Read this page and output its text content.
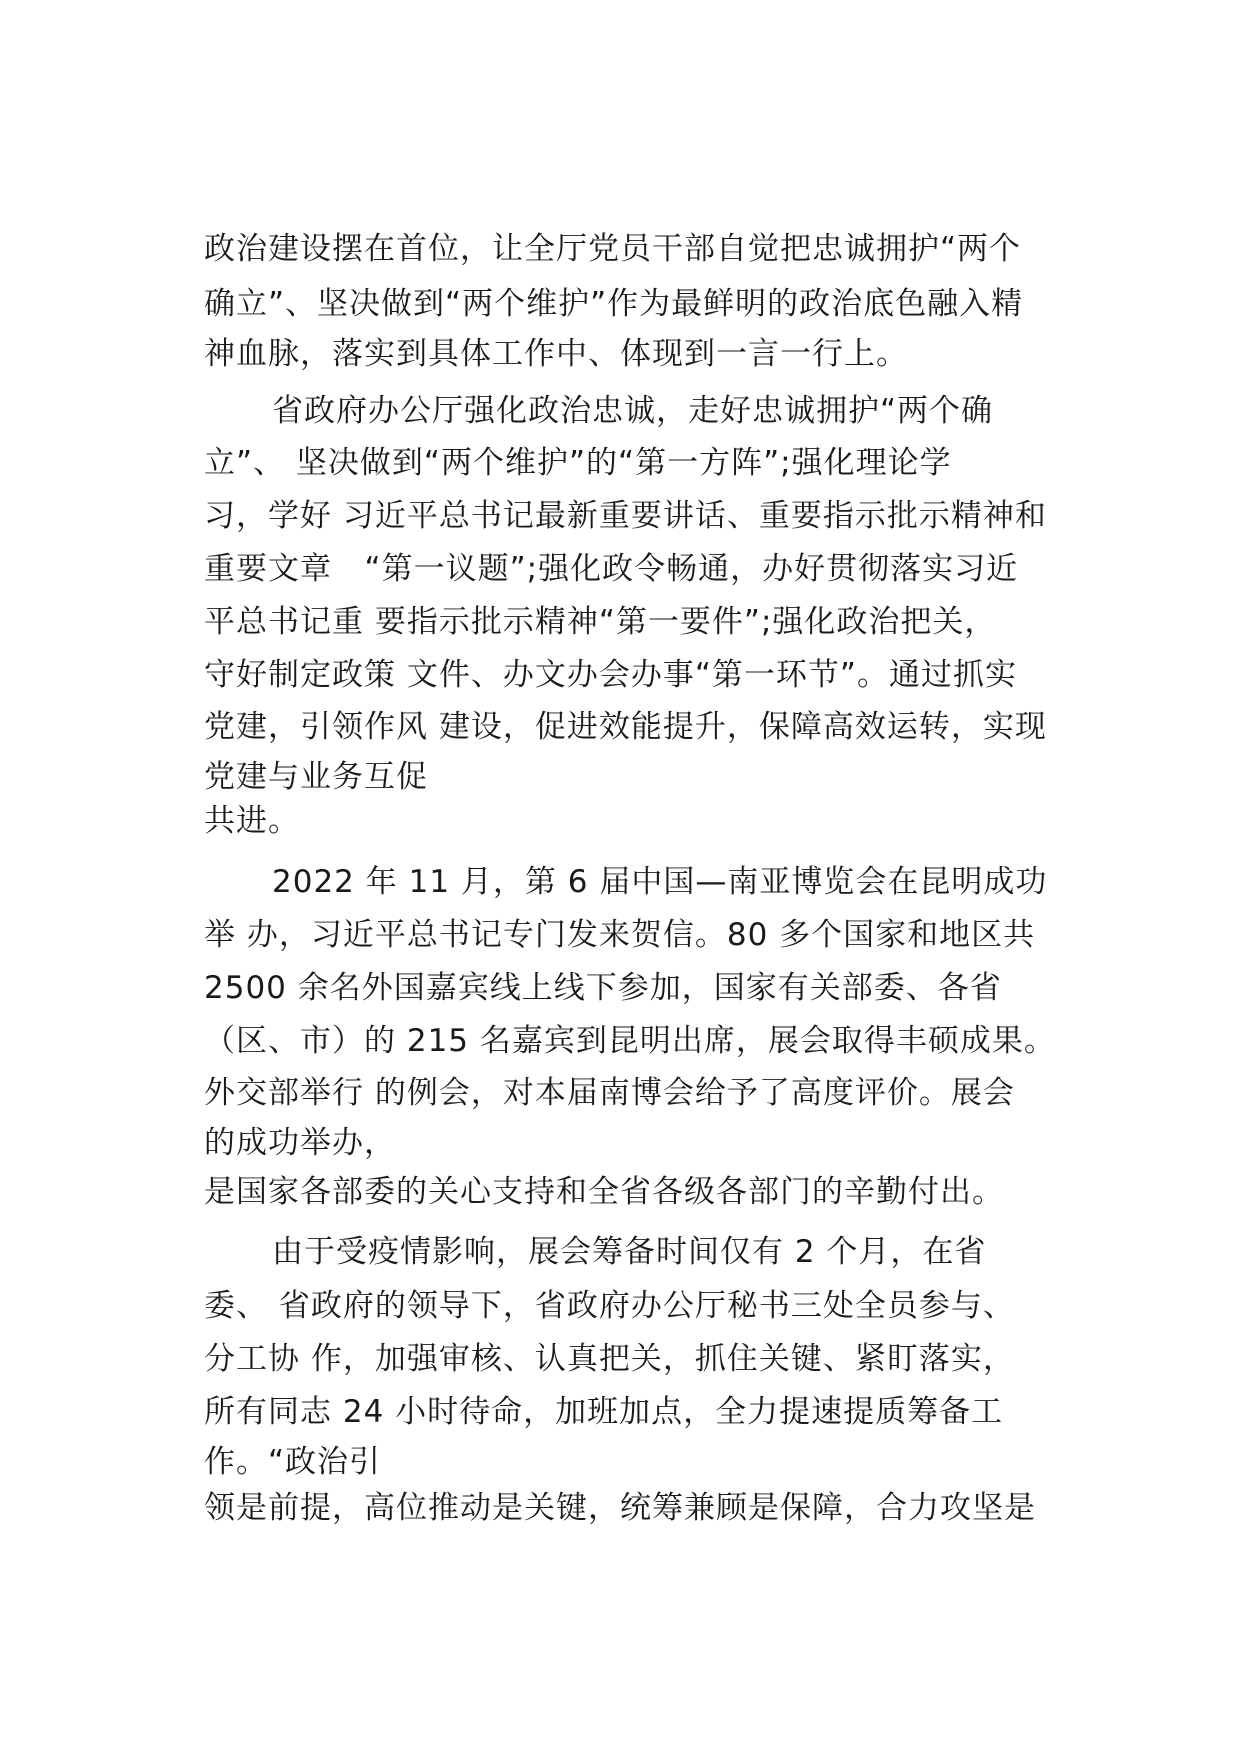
政治建设摆在首位，让全厅党员干部自觉把忠诚拥护“两个
确立”、坚决做到“两个维护”作为最鲜明的政治底色融入精
神血脉，落实到具体工作中、体现到一言一行上。
省政府办公厅强化政治忠诚，走好忠诚拥护“两个确
立”、 坚决做到“两个维护”的“第一方阵”;强化理论学
习，学好 习近平总书记最新重要讲话、重要指示批示精神和
重要文章   “第一议题”;强化政令畅通，办好贯彻落实习近
平总书记重 要指示批示精神“第一要件”;强化政治把关，
守好制定政策 文件、办文办会办事“第一环节”。通过抓实
党建，引领作风 建设，促进效能提升，保障高效运转，实现
党建与业务互促
共进。
2022 年 11 月，第 6 届中国—南亚博览会在昆明成功
举 办，习近平总书记专门发来贺信。80 多个国家和地区共
2500 余名外国嘉宾线上线下参加，国家有关部委、各省
（区、市）的 215 名嘉宾到昆明出席，展会取得丰硕成果。
外交部举行 的例会，对本届南博会给予了高度评价。展会
的成功举办，
是国家各部委的关心支持和全省各级各部门的辛勤付出。
由于受疫情影响，展会筹备时间仅有 2 个月，在省
委、 省政府的领导下，省政府办公厅秘书三处全员参与、
分工协 作，加强审核、认真把关，抓住关键、紧盯落实，
所有同志 24 小时待命，加班加点，全力提速提质筹备工
作。“政治引
领是前提，高位推动是关键，统筹兼顾是保障，合力攻坚是
